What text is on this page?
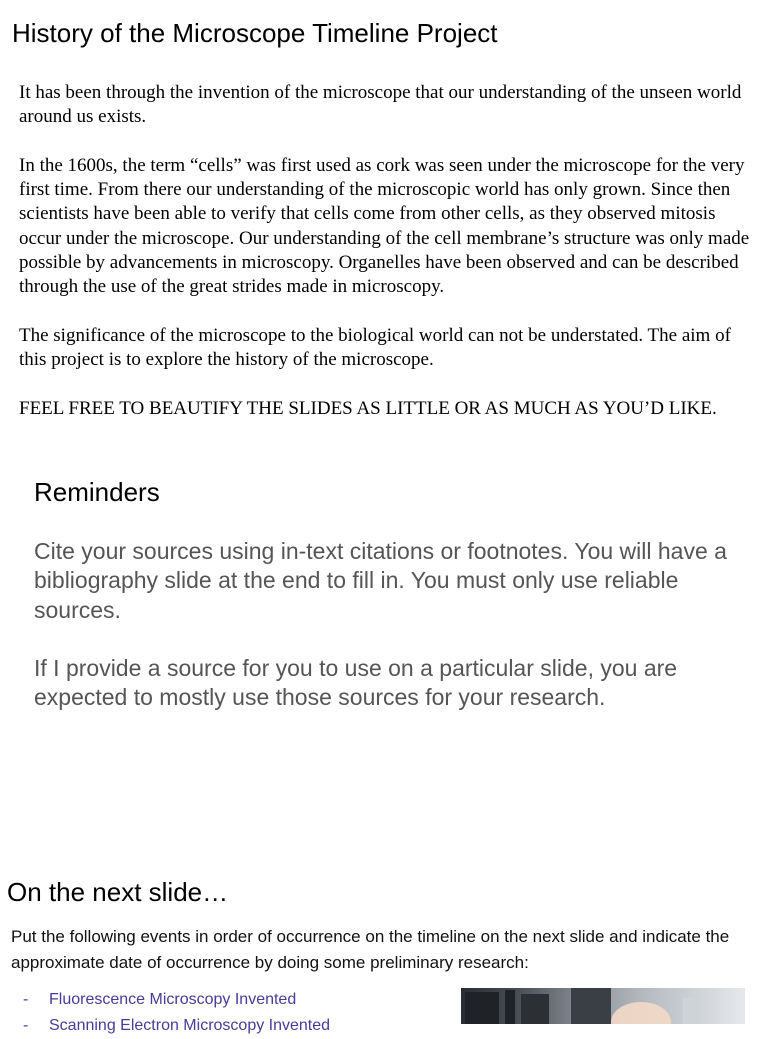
History of the Microscope Timeline Project

It has been through the invention of the microscope that our understanding of the unseen world around us exists.

In the 1600s, the term “cells” was first used as cork was seen under the microscope for the very first time. From there our understanding of the microscopic world has only grown. Since then scientists have been able to verify that cells come from other cells, as they observed mitosis occur under the microscope. Our understanding of the cell membrane’s structure was only made possible by advancements in microscopy. Organelles have been observed and can be described through the use of the great strides made in microscopy.

The significance of the microscope to the biological world can not be understated. The aim of this project is to explore the history of the microscope.

FEEL FREE TO BEAUTIFY THE SLIDES AS LITTLE OR AS MUCH AS YOU’D LIKE.

Reminders

Cite your sources using in-text citations or footnotes. You will have a bibliography slide at the end to fill in. You must only use reliable sources.

If I provide a source for you to use on a particular slide, you are expected to mostly use those sources for your research.

On the next slide…
Put the following events in order of occurrence on the timeline on the next slide and indicate the approximate date of occurrence by doing some preliminary research:
-	Fluorescence Microscopy Invented
-	Scanning Electron Microscopy Invented
